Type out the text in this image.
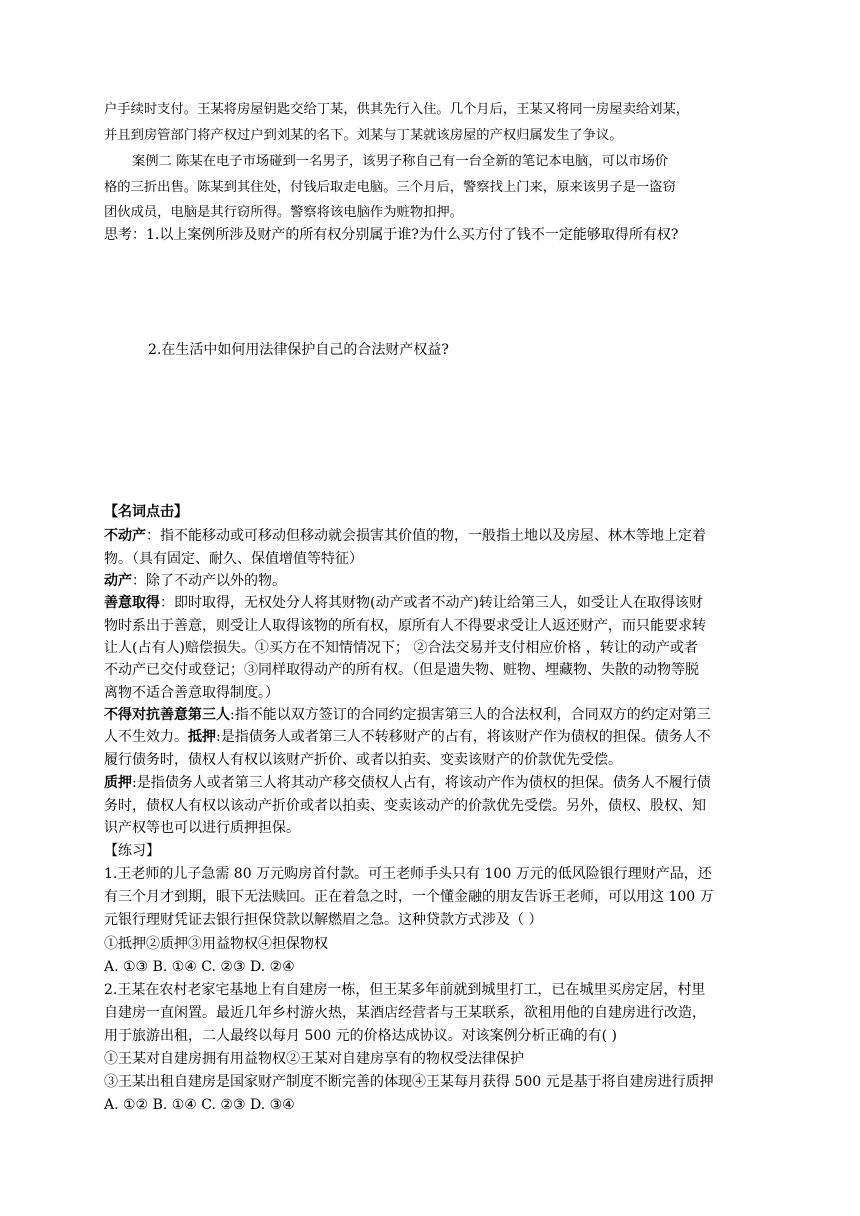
户手续时支付。王某将房屋钥匙交给丁某，供其先行入住。几个月后，王某又将同一房屋卖给刘某，
并且到房管部门将产权过户到刘某的名下。刘某与丁某就该房屋的产权归属发生了争议。
案例二 陈某在电子市场碰到一名男子，该男子称自己有一台全新的笔记本电脑，可以市场价
格的三折出售。陈某到其住处，付钱后取走电脑。三个月后，警察找上门来，原来该男子是一盗窃
团伙成员，电脑是其行窃所得。警察将该电脑作为赃物扣押。
思考：1.以上案例所涉及财产的所有权分别属于谁?为什么买方付了钱不一定能够取得所有权?
2.在生活中如何用法律保护自己的合法财产权益?
【名词点击】
不动产：指不能移动或可移动但移动就会损害其价值的物，一般指土地以及房屋、林木等地上定着
物。（具有固定、耐久、保值增值等特征）
动产：除了不动产以外的物。
善意取得：即时取得，无权处分人将其财物(动产或者不动产)转让给第三人，如受让人在取得该财
物时系出于善意，则受让人取得该物的所有权，原所有人不得要求受让人返还财产，而只能要求转
让人(占有人)赔偿损失。①买方在不知情情况下； ②合法交易并支付相应价格 ，转让的动产或者
不动产已交付或登记；③同样取得动产的所有权。（但是遗失物、赃物、埋藏物、失散的动物等脱
离物不适合善意取得制度。）
不得对抗善意第三人:指不能以双方签订的合同约定损害第三人的合法权利，合同双方的约定对第三
人不生效力。抵押:是指债务人或者第三人不转移财产的占有，将该财产作为债权的担保。债务人不
履行债务时，债权人有权以该财产折价、或者以拍卖、变卖该财产的价款优先受偿。
质押:是指债务人或者第三人将其动产移交债权人占有，将该动产作为债权的担保。债务人不履行债
务时，债权人有权以该动产折价或者以拍卖、变卖该动产的价款优先受偿。另外，债权、股权、知
识产权等也可以进行质押担保。
【练习】
1.王老师的儿子急需 80 万元购房首付款。可王老师手头只有 100 万元的低风险银行理财产品，还
有三个月才到期，眼下无法赎回。正在着急之时，一个懂金融的朋友告诉王老师，可以用这 100 万
元银行理财凭证去银行担保贷款以解燃眉之急。这种贷款方式涉及（ ）
①抵押②质押③用益物权④担保物权
A. ①③ B. ①④ C. ②③ D. ②④
2.王某在农村老家宅基地上有自建房一栋，但王某多年前就到城里打工，已在城里买房定居，村里
自建房一直闲置。最近几年乡村游火热，某酒店经营者与王某联系，欲租用他的自建房进行改造，
用于旅游出租，二人最终以每月 500 元的价格达成协议。对该案例分析正确的有( )
①王某对自建房拥有用益物权②王某对自建房享有的物权受法律保护
③王某出租自建房是国家财产制度不断完善的体现④王某每月获得 500 元是基于将自建房进行质押
A. ①② B. ①④ C. ②③ D. ③④
